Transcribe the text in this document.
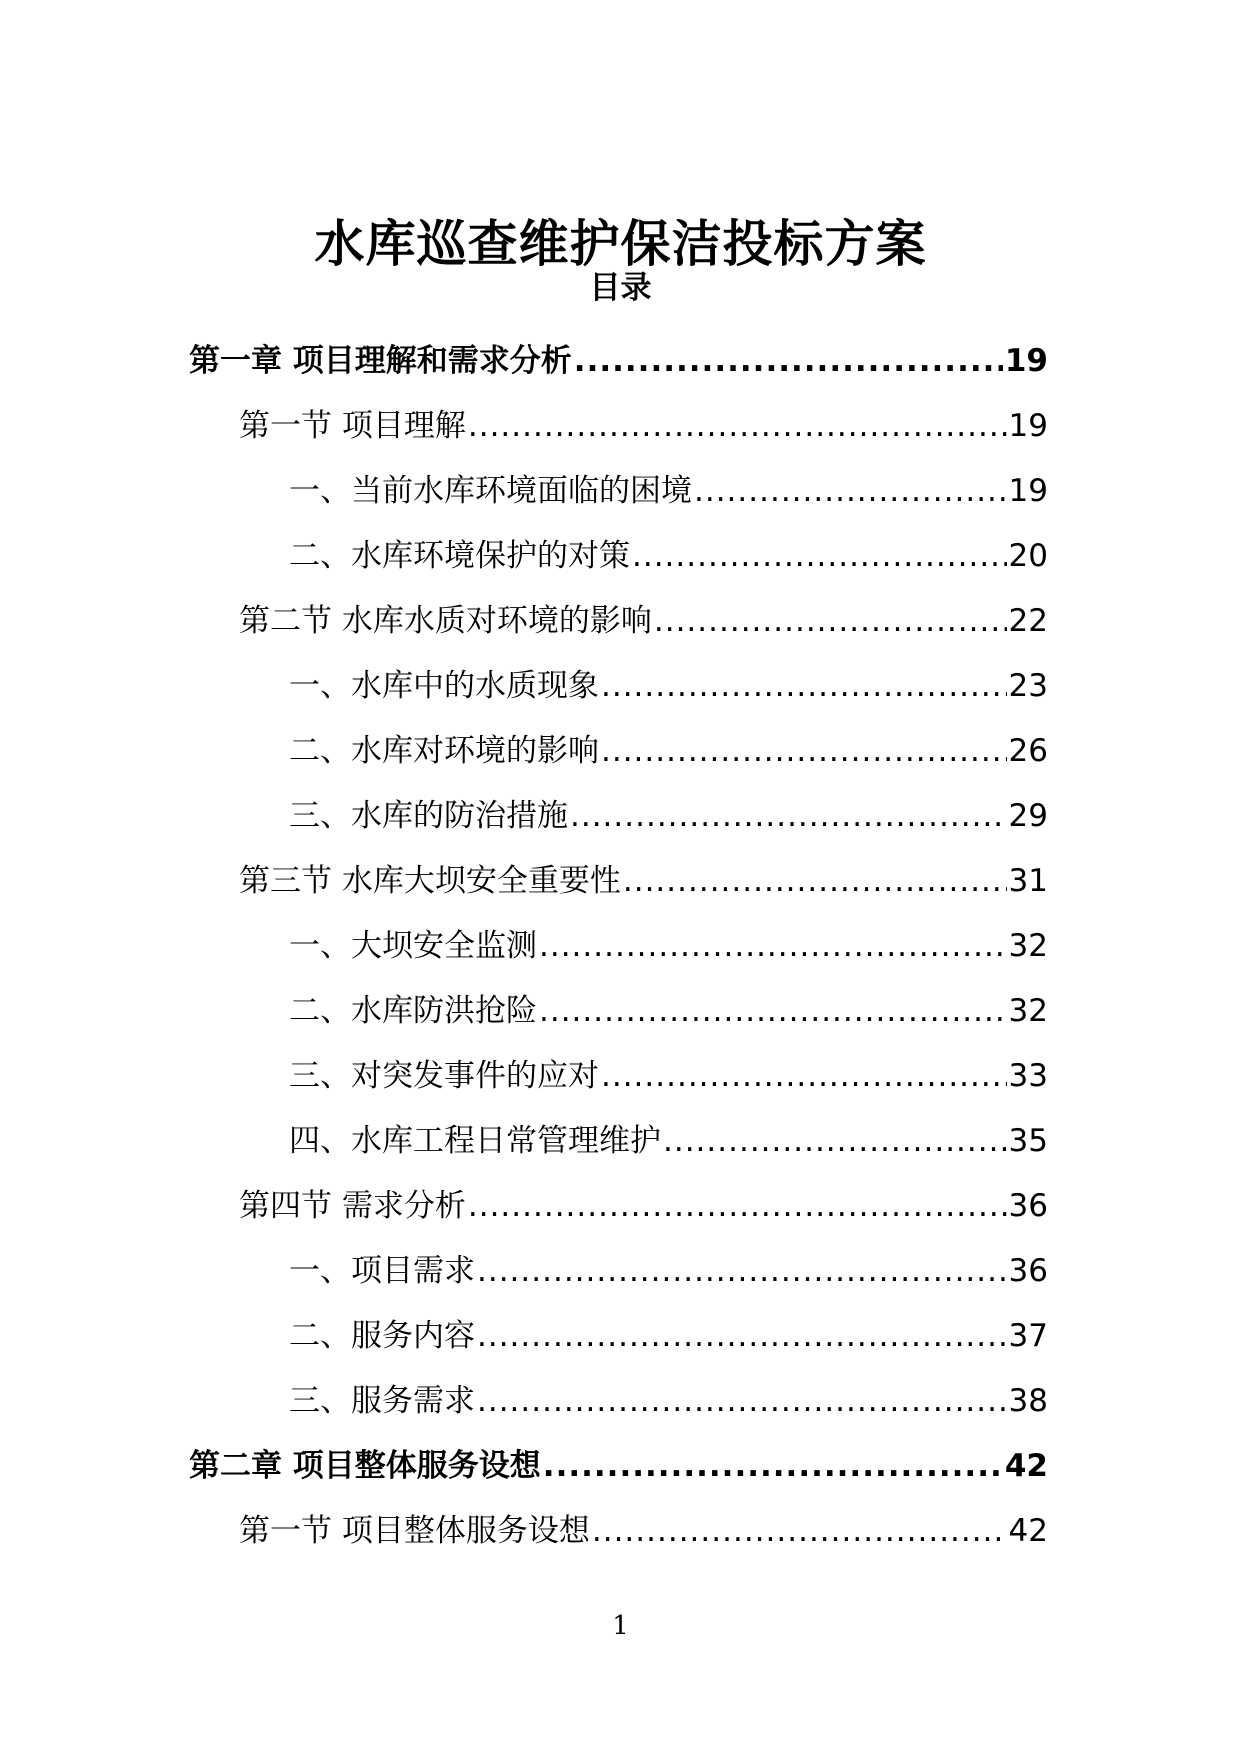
水库巡查维护保洁投标方案
目录
第一章 项目理解和需求分析 .....	19
第一节 项目理解 .....	19
一、当前水库环境面临的困境 .....	19
二、水库环境保护的对策 .....	20
第二节 水库水质对环境的影响 .....	22
一、水库中的水质现象 .....	23
二、水库对环境的影响 .....	26
三、水库的防治措施 .....	29
第三节 水库大坝安全重要性 .....	31
一、大坝安全监测 .....	32
二、水库防洪抢险 .....	32
三、对突发事件的应对 .....	33
四、水库工程日常管理维护 .....	35
第四节 需求分析 .....	36
一、项目需求 .....	36
二、服务内容 .....	37
三、服务需求 .....	38
第二章 项目整体服务设想 .....	42
第一节 项目整体服务设想 .....	42
1
